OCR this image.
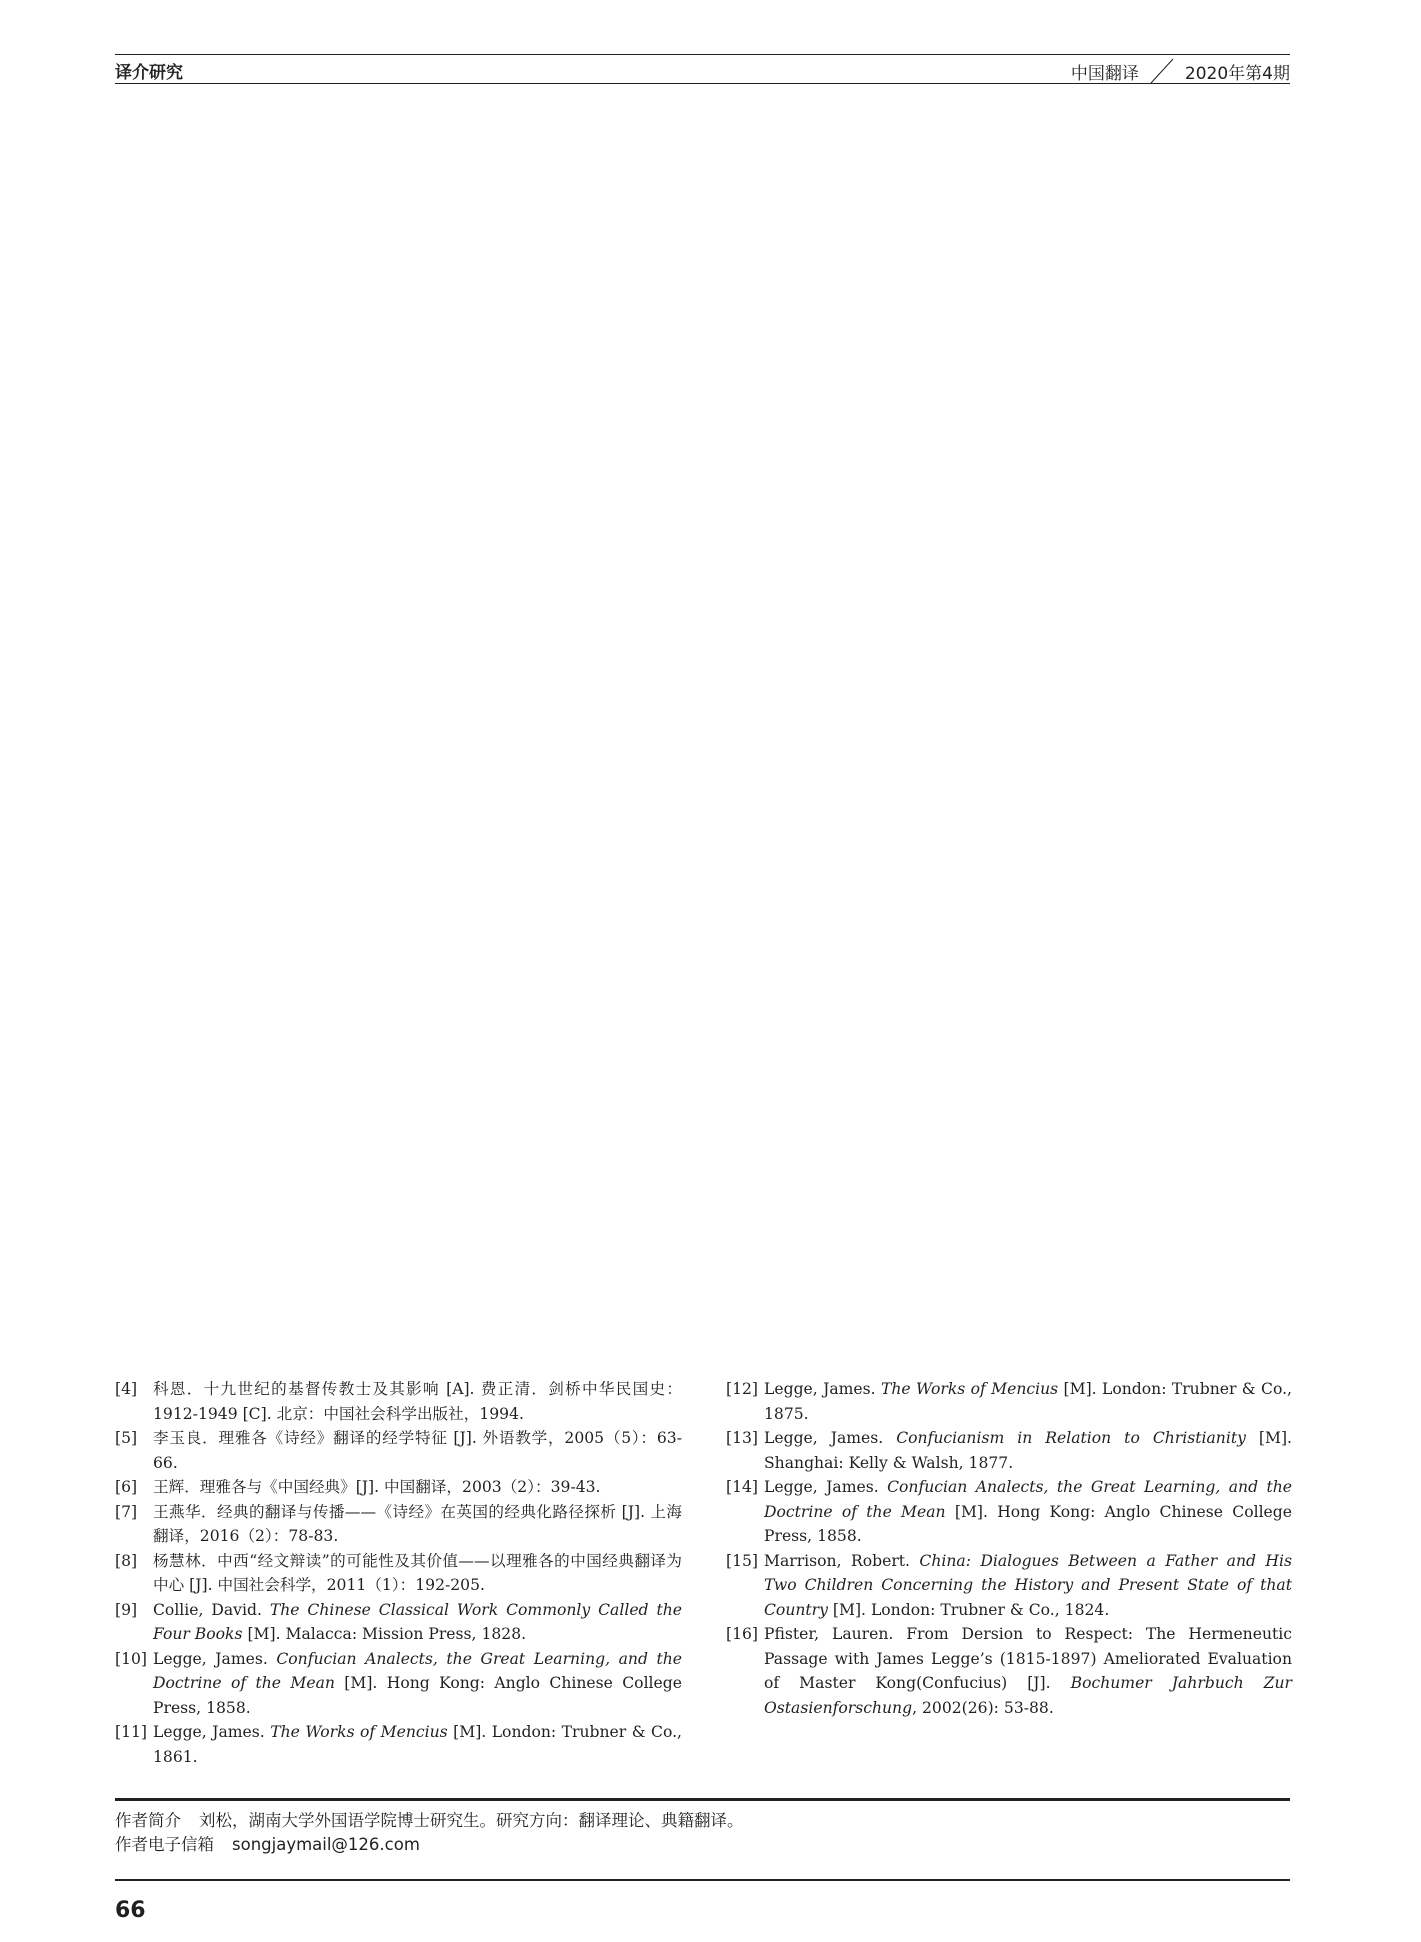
译介研究	中国翻译	2020年第4期
[4]	科恩．十九世纪的基督传教士及其影响 [A]. 费正清．剑桥中华民国史：1912-1949 [C]. 北京：中国社会科学出版社，1994.
[5]	李玉良．理雅各《诗经》翻译的经学特征 [J]. 外语教学，2005（5）：63-66.
[6]	王辉．理雅各与《中国经典》[J]. 中国翻译，2003（2）：39-43.
[7]	王燕华．经典的翻译与传播——《诗经》在英国的经典化路径探析 [J]. 上海翻译，2016（2）：78-83.
[8]	杨慧林．中西“经文辩读”的可能性及其价值——以理雅各的中国经典翻译为中心 [J]. 中国社会科学，2011（1）：192-205.
[9]	Collie, David. The Chinese Classical Work Commonly Called the Four Books [M]. Malacca: Mission Press, 1828.
[10] Legge, James. Confucian Analects, the Great Learning, and the Doctrine of the Mean [M]. Hong Kong: Anglo Chinese College Press, 1858.
[11] Legge, James. The Works of Mencius [M]. London: Trubner & Co., 1861.
[12] Legge, James. The Works of Mencius [M]. London: Trubner & Co., 1875.
[13] Legge, James. Confucianism in Relation to Christianity [M]. Shanghai: Kelly & Walsh, 1877.
[14] Legge, James. Confucian Analects, the Great Learning, and the Doctrine of the Mean [M]. Hong Kong: Anglo Chinese College Press, 1858.
[15] Marrison, Robert. China: Dialogues Between a Father and His Two Children Concerning the History and Present State of that Country [M]. London: Trubner & Co., 1824.
[16] Pfister, Lauren. From Dersion to Respect: The Hermeneutic Passage with James Legge’s (1815-1897) Ameliorated Evaluation of Master Kong(Confucius) [J]. Bochumer Jahrbuch Zur Ostasienforschung, 2002(26): 53-88.
作者简介 刘松，湖南大学外国语学院博士研究生。研究方向：翻译理论、典籍翻译。
作者电子信箱 songjaymail@126.com
66
